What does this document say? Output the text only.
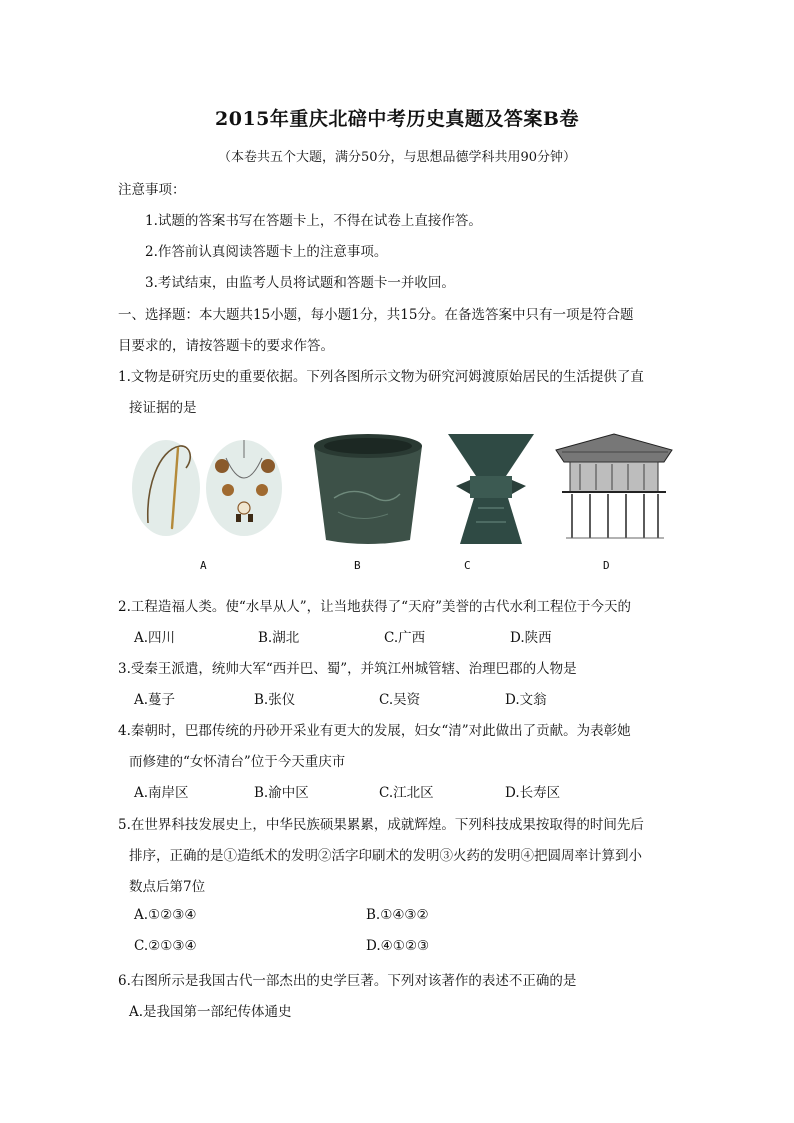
2015年重庆北碚中考历史真题及答案B卷
（本卷共五个大题，满分50分，与思想品德学科共用90分钟）
注意事项：
1.试题的答案书写在答题卡上，不得在试卷上直接作答。
2.作答前认真阅读答题卡上的注意事项。
3.考试结束，由监考人员将试题和答题卡一并收回。
一、选择题：本大题共15小题，每小题1分，共15分。在备选答案中只有一项是符合题
目要求的，请按答题卡的要求作答。
1.文物是研究历史的重要依据。下列各图所示文物为研究河姆渡原始居民的生活提供了直
接证据的是
A	B	C	D
2.工程造福人类。使“水旱从人”，让当地获得了“天府”美誉的古代水利工程位于今天的
A.四川	B.湖北	C.广西	D.陕西
3.受秦王派遣，统帅大军“西并巴、蜀”，并筑江州城管辖、治理巴郡的人物是
A.蔓子	B.张仪	C.吴资	D.文翁
4.秦朝时，巴郡传统的丹砂开采业有更大的发展，妇女“清”对此做出了贡献。为表彰她
而修建的“女怀清台”位于今天重庆市
A.南岸区	B.渝中区	C.江北区	D.长寿区
5.在世界科技发展史上，中华民族硕果累累，成就辉煌。下列科技成果按取得的时间先后
排序，正确的是①造纸术的发明②活字印刷术的发明③火药的发明④把圆周率计算到小
数点后第7位
A.①②③④	B.①④③②
C.②①③④	D.④①②③
6.右图所示是我国古代一部杰出的史学巨著。下列对该著作的表述不正确的是
A.是我国第一部纪传体通史
